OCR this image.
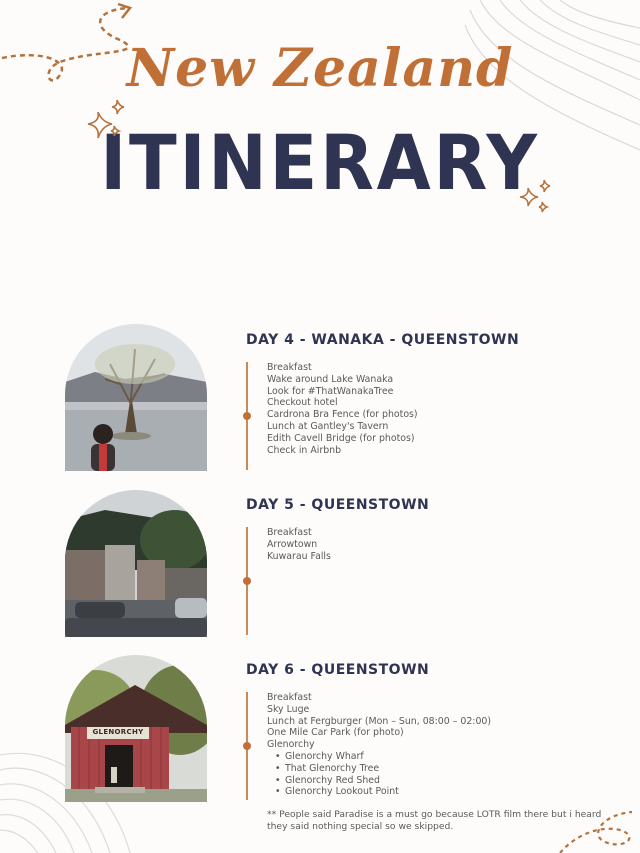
New Zealand
ITINERARY
DAY 4 - WANAKA - QUEENSTOWN
Breakfast
Wake around Lake Wanaka
Look for #ThatWanakaTree
Checkout hotel
Cardrona Bra Fence (for photos)
Lunch at Gantley's Tavern
Edith Cavell Bridge (for photos)
Check in Airbnb
DAY 5 - QUEENSTOWN
Breakfast
Arrowtown
Kuwarau Falls
GLENORCHY
DAY 6 - QUEENSTOWN
Breakfast
Sky Luge
Lunch at Fergburger (Mon – Sun, 08:00 – 02:00)
One Mile Car Park (for photo)
Glenorchy
• Glenorchy Wharf
• That Glenorchy Tree
• Glenorchy Red Shed
• Glenorchy Lookout Point
** People said Paradise is a must go because LOTR film there but i heard they said nothing special so we skipped.
